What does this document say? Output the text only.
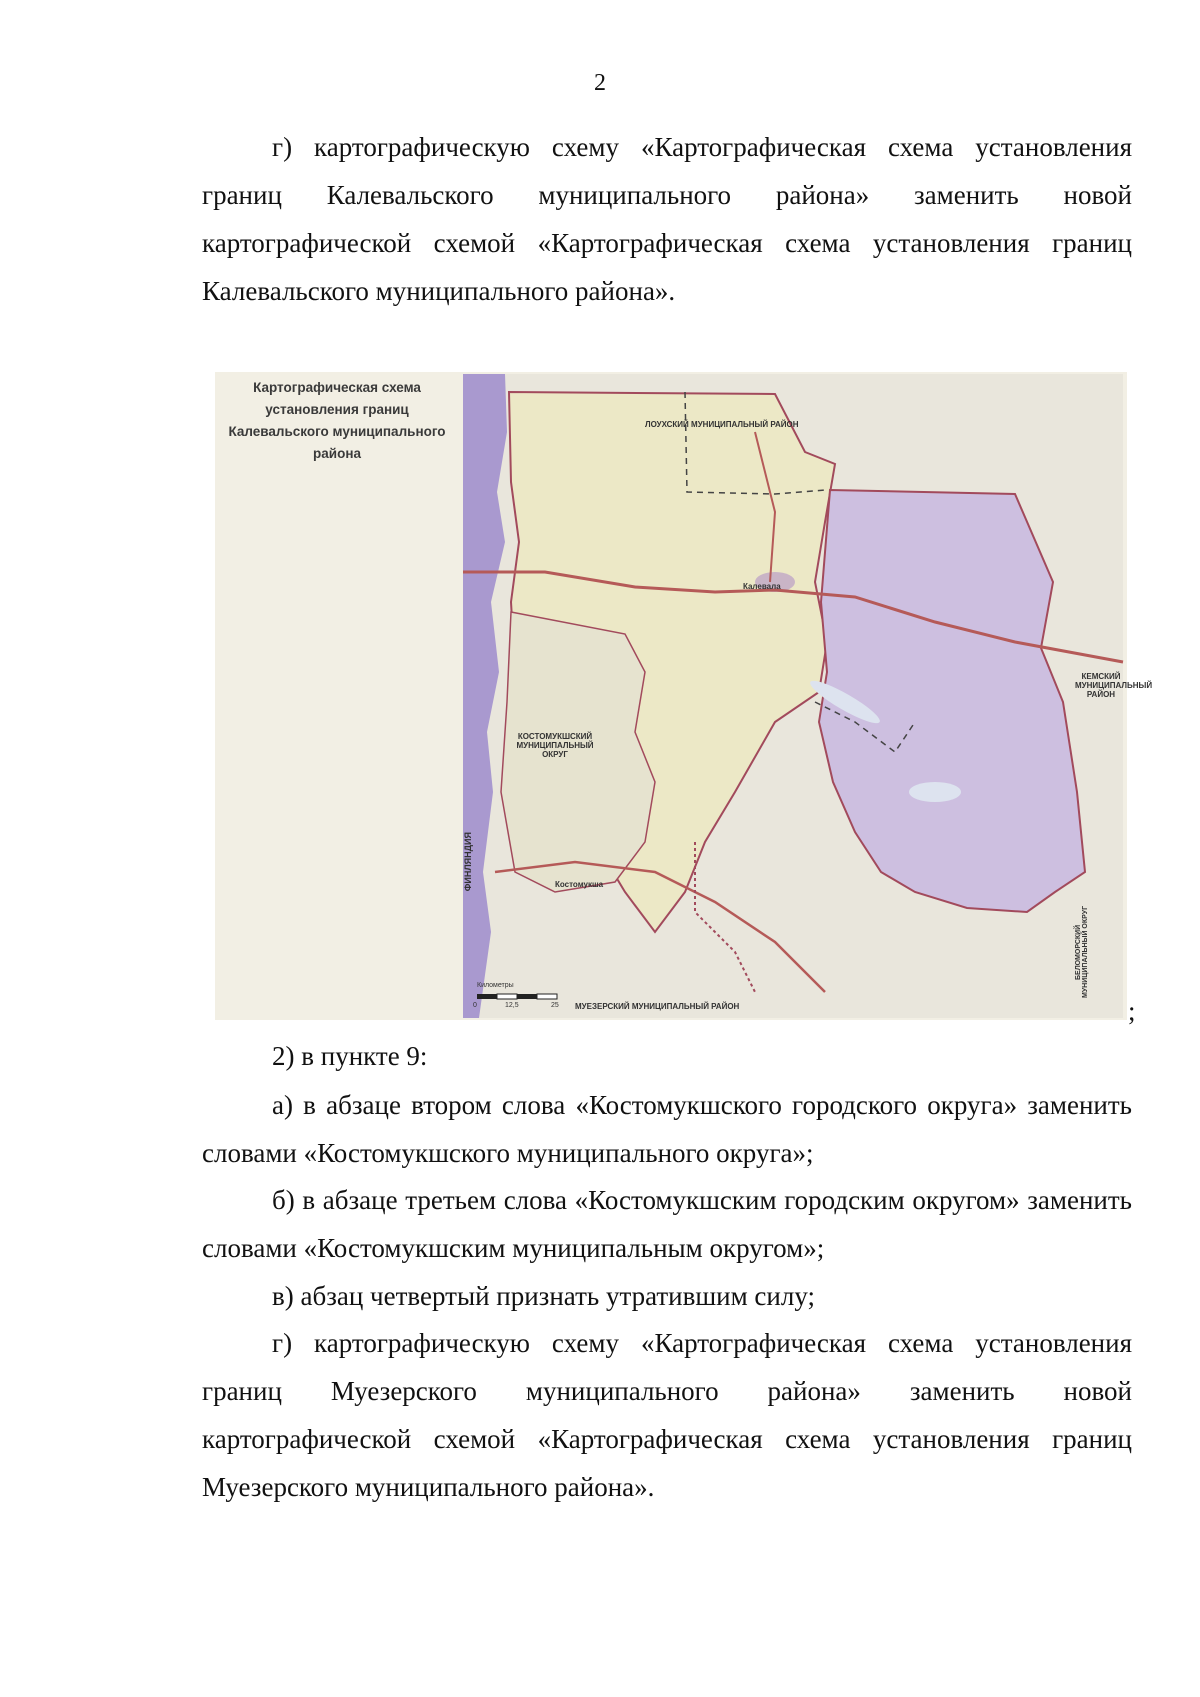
2

г) картографическую схему «Картографическая схема установления границ Калевальского муниципального района» заменить новой картографической схемой «Картографическая схема установления границ Калевальского муниципального района».

Картографическая схема
установления границ
Калевальского муниципального
района
ЛОУХСКИЙ МУНИЦИПАЛЬНЫЙ РАЙОН
КОСТОМУКШСКИЙ МУНИЦИПАЛЬНЫЙ ОКРУГ
КЕМСКИЙ МУНИЦИПАЛЬНЫЙ РАЙОН
МУЕЗЕРСКИЙ МУНИЦИПАЛЬНЫЙ РАЙОН
БЕЛОМОРСКИЙ МУНИЦИПАЛЬНЫЙ ОКРУГ
ФИНЛЯНДИЯ
Калевала
Костомукша
Километры
0	12,5	25	;

2) в пункте 9:

а) в абзаце втором слова «Костомукшского городского округа» заменить словами «Костомукшского муниципального округа»;

б) в абзаце третьем слова «Костомукшским городским округом» заменить словами «Костомукшским муниципальным округом»;

в) абзац четвертый признать утратившим силу;

г) картографическую схему «Картографическая схема установления границ Муезерского муниципального района» заменить новой картографической схемой «Картографическая схема установления границ Муезерского муниципального района».
